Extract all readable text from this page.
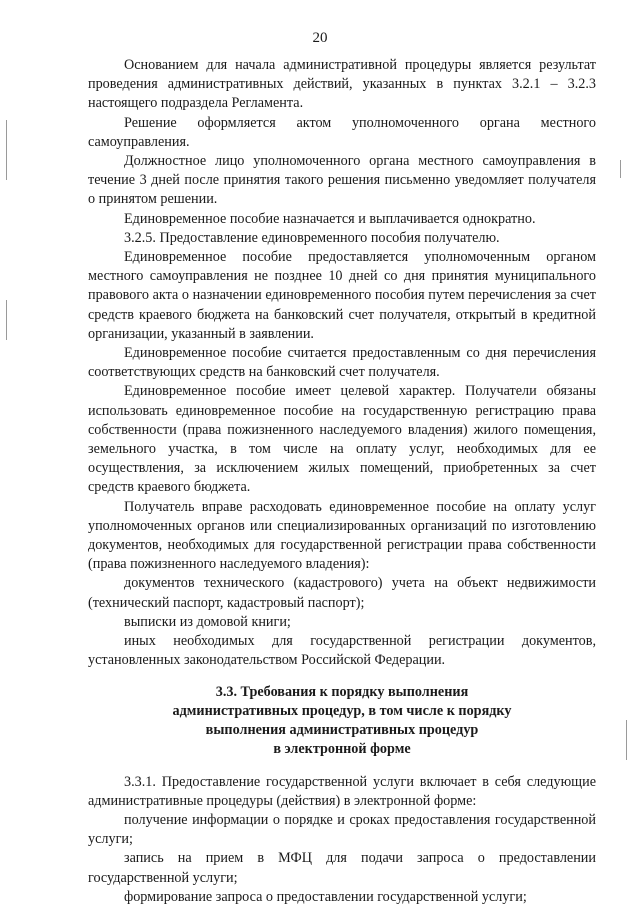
20

Основанием для начала административной процедуры является результат проведения административных действий, указанных в пунктах 3.2.1 – 3.2.3 настоящего подраздела Регламента.

Решение оформляется актом уполномоченного органа местного самоуправления.

Должностное лицо уполномоченного органа местного самоуправления в течение 3 дней после принятия такого решения письменно уведомляет получателя о принятом решении.

Единовременное пособие назначается и выплачивается однократно.

3.2.5. Предоставление единовременного пособия получателю.

Единовременное пособие предоставляется уполномоченным органом местного самоуправления не позднее 10 дней со дня принятия муниципального правового акта о назначении единовременного пособия путем перечисления за счет средств краевого бюджета на банковский счет получателя, открытый в кредитной организации, указанный в заявлении.

Единовременное пособие считается предоставленным со дня перечисления соответствующих средств на банковский счет получателя.

Единовременное пособие имеет целевой характер. Получатели обязаны использовать единовременное пособие на государственную регистрацию права собственности (права пожизненного наследуемого владения) жилого помещения, земельного участка, в том числе на оплату услуг, необходимых для ее осуществления, за исключением жилых помещений, приобретенных за счет средств краевого бюджета.

Получатель вправе расходовать единовременное пособие на оплату услуг уполномоченных органов или специализированных организаций по изготовлению документов, необходимых для государственной регистрации права собственности (права пожизненного наследуемого владения):

документов технического (кадастрового) учета на объект недвижимости (технический паспорт, кадастровый паспорт);

выписки из домовой книги;

иных необходимых для государственной регистрации документов, установленных законодательством Российской Федерации.

3.3. Требования к порядку выполнения
административных процедур, в том числе к порядку
выполнения административных процедур
в электронной форме

3.3.1. Предоставление государственной услуги включает в себя следующие административные процедуры (действия) в электронной форме:

получение информации о порядке и сроках предоставления государственной услуги;

запись на прием в МФЦ для подачи запроса о предоставлении государственной услуги;

формирование запроса о предоставлении государственной услуги;
